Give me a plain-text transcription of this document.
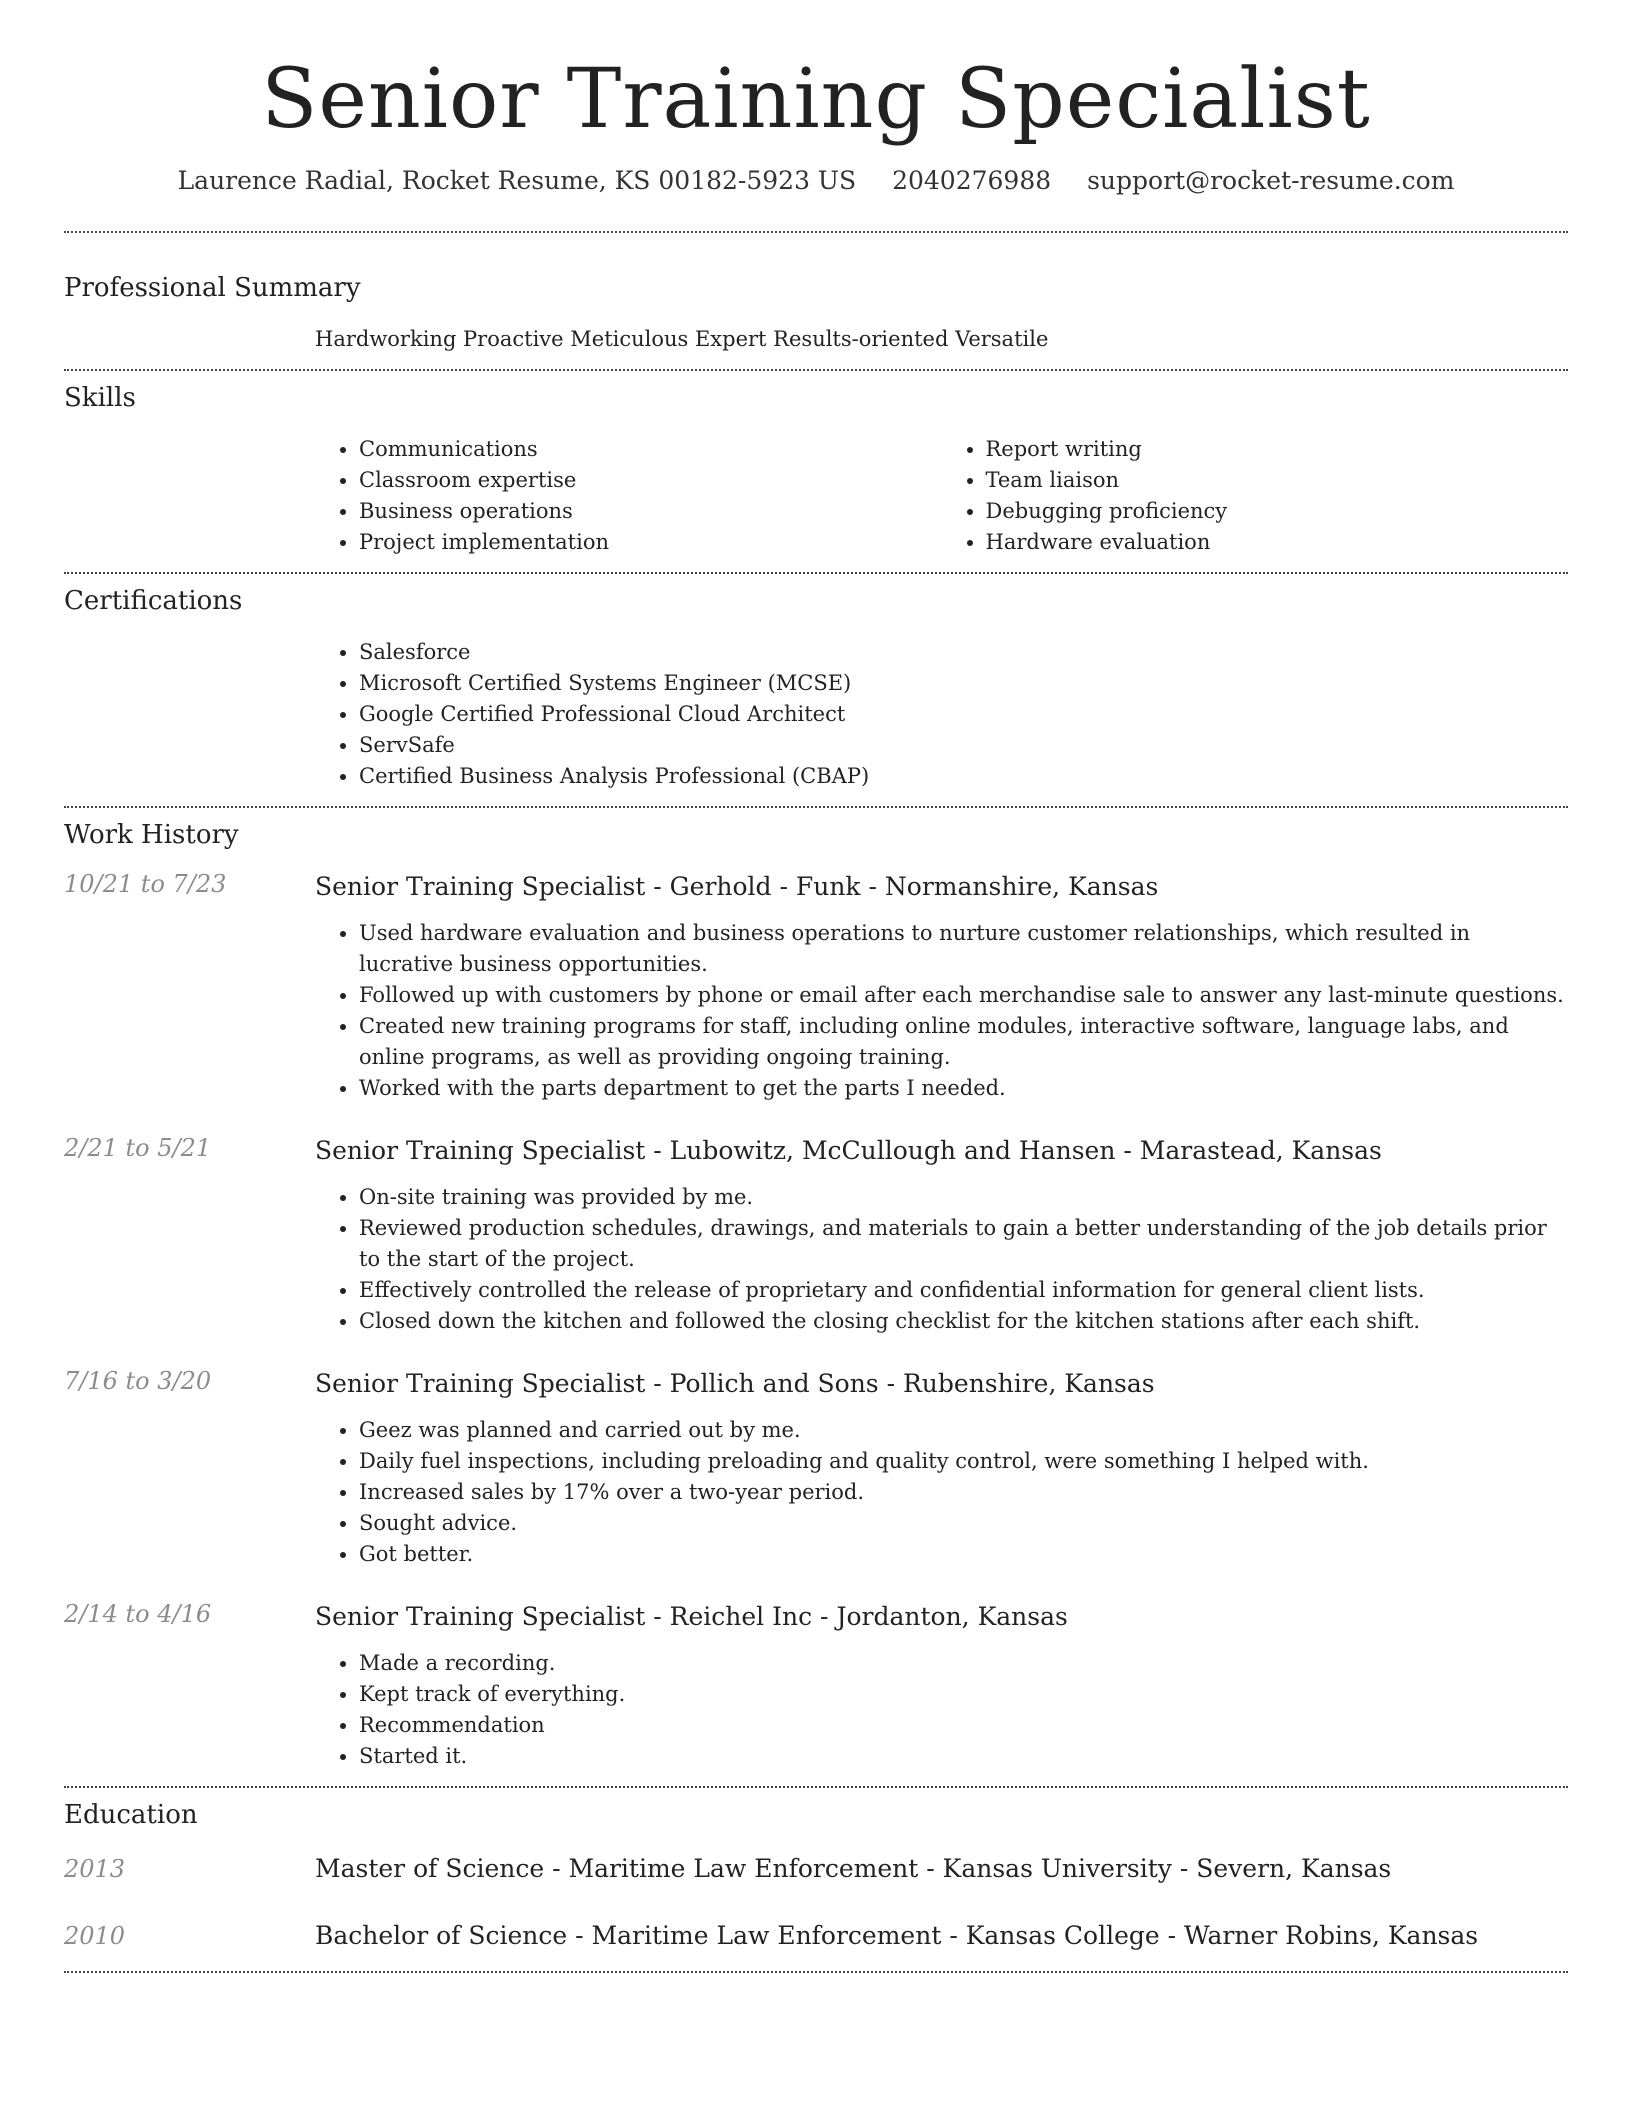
Senior Training Specialist
Laurence Radial, Rocket Resume, KS 00182-5923 US 2040276988 support@rocket-resume.com
Professional Summary
Hardworking Proactive Meticulous Expert Results-oriented Versatile
Skills
• Communications
• Classroom expertise
• Business operations
• Project implementation
• Report writing
• Team liaison
• Debugging proficiency
• Hardware evaluation
Certifications
• Salesforce
• Microsoft Certified Systems Engineer (MCSE)
• Google Certified Professional Cloud Architect
• ServSafe
• Certified Business Analysis Professional (CBAP)
Work History
10/21 to 7/23	Senior Training Specialist - Gerhold - Funk - Normanshire, Kansas
• Used hardware evaluation and business operations to nurture customer relationships, which resulted in lucrative business opportunities.
• Followed up with customers by phone or email after each merchandise sale to answer any last-minute questions.
• Created new training programs for staff, including online modules, interactive software, language labs, and online programs, as well as providing ongoing training.
• Worked with the parts department to get the parts I needed.
2/21 to 5/21	Senior Training Specialist - Lubowitz, McCullough and Hansen - Marastead, Kansas
• On-site training was provided by me.
• Reviewed production schedules, drawings, and materials to gain a better understanding of the job details prior to the start of the project.
• Effectively controlled the release of proprietary and confidential information for general client lists.
• Closed down the kitchen and followed the closing checklist for the kitchen stations after each shift.
7/16 to 3/20	Senior Training Specialist - Pollich and Sons - Rubenshire, Kansas
• Geez was planned and carried out by me.
• Daily fuel inspections, including preloading and quality control, were something I helped with.
• Increased sales by 17% over a two-year period.
• Sought advice.
• Got better.
2/14 to 4/16	Senior Training Specialist - Reichel Inc - Jordanton, Kansas
• Made a recording.
• Kept track of everything.
• Recommendation
• Started it.
Education
2013	Master of Science - Maritime Law Enforcement - Kansas University - Severn, Kansas
2010	Bachelor of Science - Maritime Law Enforcement - Kansas College - Warner Robins, Kansas
